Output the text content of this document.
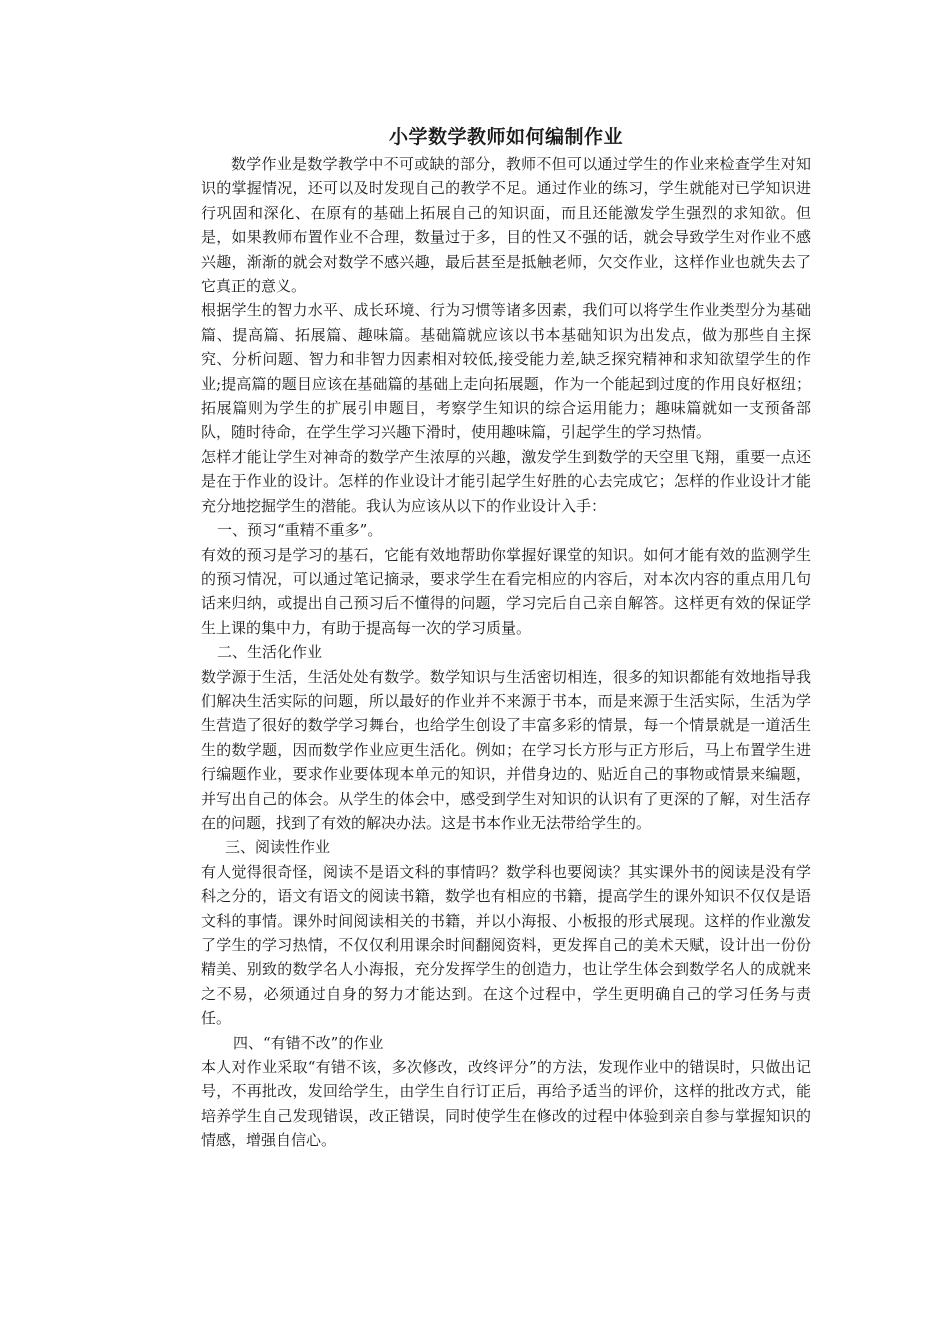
小学数学教师如何编制作业

数学作业是数学教学中不可或缺的部分，教师不但可以通过学生的作业来检查学生对知识的掌握情况，还可以及时发现自己的教学不足。通过作业的练习，学生就能对已学知识进行巩固和深化、在原有的基础上拓展自己的知识面，而且还能激发学生强烈的求知欲。但是，如果教师布置作业不合理，数量过于多，目的性又不强的话，就会导致学生对作业不感兴趣，渐渐的就会对数学不感兴趣，最后甚至是抵触老师，欠交作业，这样作业也就失去了它真正的意义。

根据学生的智力水平、成长环境、行为习惯等诸多因素，我们可以将学生作业类型分为基础篇、提高篇、拓展篇、趣味篇。基础篇就应该以书本基础知识为出发点，做为那些自主探究、分析问题、智力和非智力因素相对较低,接受能力差,缺乏探究精神和求知欲望学生的作业;提高篇的题目应该在基础篇的基础上走向拓展题，作为一个能起到过度的作用良好枢纽；拓展篇则为学生的扩展引申题目，考察学生知识的综合运用能力；趣味篇就如一支预备部队，随时待命，在学生学习兴趣下滑时，使用趣味篇，引起学生的学习热情。

怎样才能让学生对神奇的数学产生浓厚的兴趣，激发学生到数学的天空里飞翔，重要一点还是在于作业的设计。怎样的作业设计才能引起学生好胜的心去完成它；怎样的作业设计才能充分地挖掘学生的潜能。我认为应该从以下的作业设计入手：

一、预习“重精不重多”。

有效的预习是学习的基石，它能有效地帮助你掌握好课堂的知识。如何才能有效的监测学生的预习情况，可以通过笔记摘录，要求学生在看完相应的内容后，对本次内容的重点用几句话来归纳，或提出自己预习后不懂得的问题，学习完后自己亲自解答。这样更有效的保证学生上课的集中力，有助于提高每一次的学习质量。

二、生活化作业

数学源于生活，生活处处有数学。数学知识与生活密切相连，很多的知识都能有效地指导我们解决生活实际的问题，所以最好的作业并不来源于书本，而是来源于生活实际，生活为学生营造了很好的数学学习舞台，也给学生创设了丰富多彩的情景，每一个情景就是一道活生生的数学题，因而数学作业应更生活化。例如；在学习长方形与正方形后，马上布置学生进行编题作业，要求作业要体现本单元的知识，并借身边的、贴近自己的事物或情景来编题，并写出自己的体会。从学生的体会中，感受到学生对知识的认识有了更深的了解，对生活存在的问题，找到了有效的解决办法。这是书本作业无法带给学生的。

三、阅读性作业

有人觉得很奇怪，阅读不是语文科的事情吗？数学科也要阅读？其实课外书的阅读是没有学科之分的，语文有语文的阅读书籍，数学也有相应的书籍，提高学生的课外知识不仅仅是语文科的事情。课外时间阅读相关的书籍，并以小海报、小板报的形式展现。这样的作业激发了学生的学习热情，不仅仅利用课余时间翻阅资料，更发挥自己的美术天赋，设计出一份份精美、别致的数学名人小海报，充分发挥学生的创造力，也让学生体会到数学名人的成就来之不易，必须通过自身的努力才能达到。在这个过程中，学生更明确自己的学习任务与责任。

四、“有错不改”的作业

本人对作业采取“有错不该，多次修改，改终评分”的方法，发现作业中的错误时，只做出记号，不再批改，发回给学生，由学生自行订正后，再给予适当的评价，这样的批改方式，能培养学生自己发现错误，改正错误，同时使学生在修改的过程中体验到亲自参与掌握知识的情感，增强自信心。
